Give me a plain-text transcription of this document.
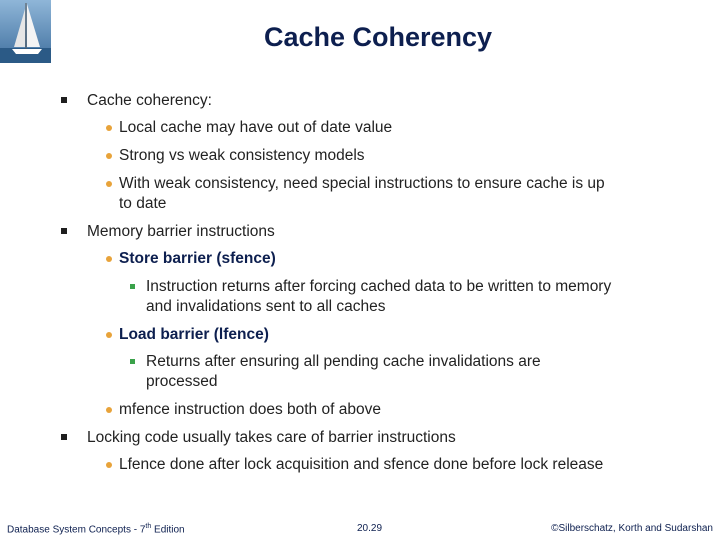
Cache Coherency
Cache coherency:
Local cache may have out of date value
Strong vs weak consistency models
With weak consistency, need special instructions to ensure cache is up
to date
Memory barrier instructions
Store barrier (sfence)
Instruction returns after forcing cached data to be written to memory
and invalidations sent to all caches
Load barrier (lfence)
Returns after ensuring all pending cache invalidations are
processed
mfence instruction does both of above
Locking code usually takes care of barrier instructions
Lfence done after lock acquisition and sfence done before lock release
Database System Concepts - 7th Edition	20.29	©Silberschatz, Korth and Sudarshan
